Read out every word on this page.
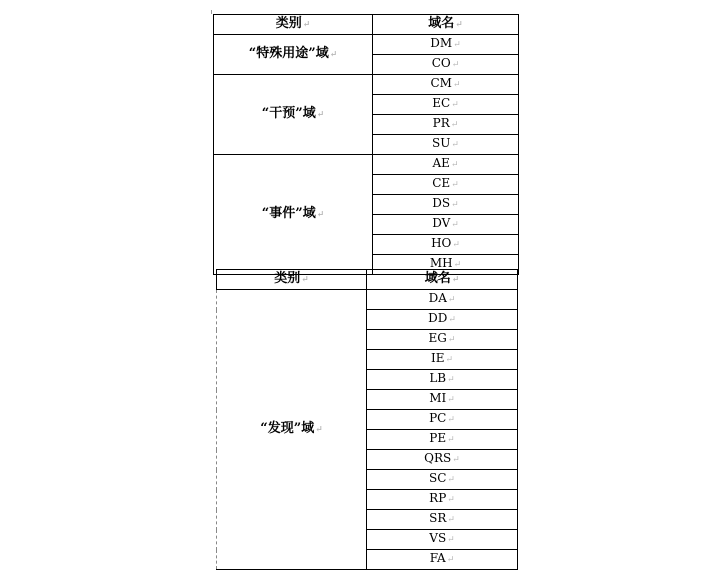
类别↵	域名↵
“特殊用途”域↵	DM↵
	CO↵
“干预”域↵	CM↵
	EC↵
	PR↵
	SU↵
“事件”域↵	AE↵
	CE↵
	DS↵
	DV↵
	HO↵
	MH↵
类别↵	域名↵
“发现”域↵	DA↵
	DD↵
	EG↵
	IE↵
	LB↵
	MI↵
	PC↵
	PE↵
	QRS↵
	SC↵
	RP↵
	SR↵
	VS↵
	FA↵
